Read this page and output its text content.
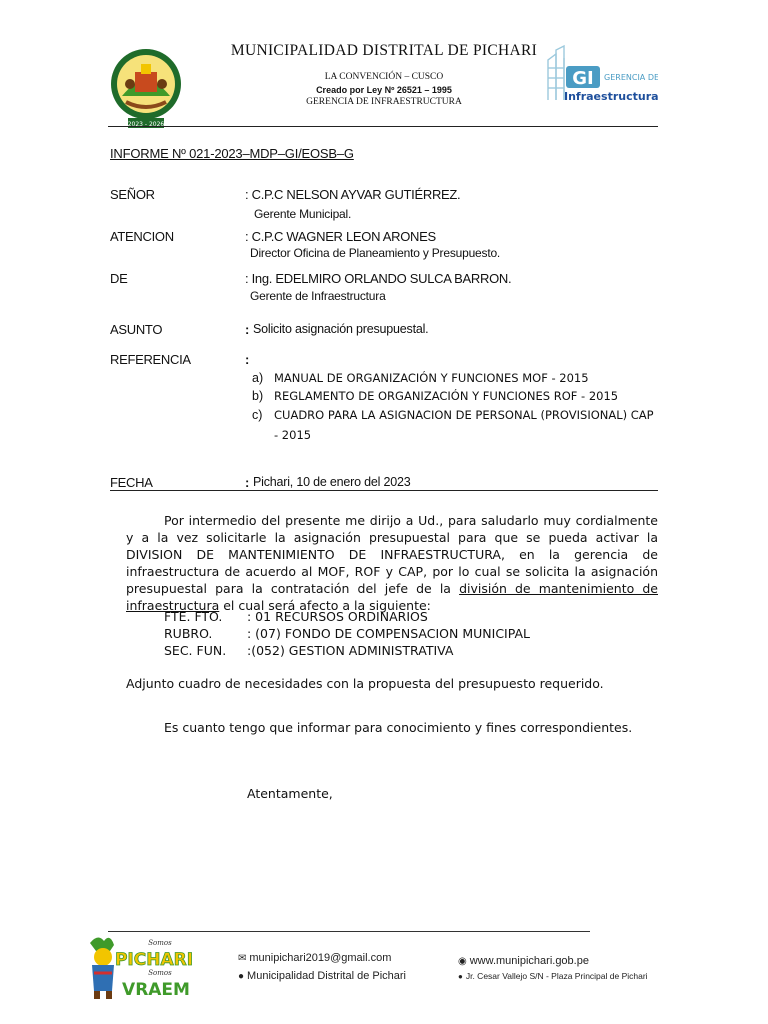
2023 - 2026
MUNICIPALIDAD DISTRITAL DE PICHARI
LA CONVENCIÓN – CUSCO
Creado por Ley Nº 26521 – 1995
GERENCIA DE INFRAESTRUCTURA
GI GERENCIA DE
Infraestructura
INFORME Nº 021-2023–MDP–GI/EOSB–G
SEÑOR	: C.P.C NELSON AYVAR GUTIÉRREZ.
Gerente Municipal.
ATENCION	: C.P.C WAGNER LEON ARONES
Director Oficina de Planeamiento y Presupuesto.
DE	: Ing. EDELMIRO ORLANDO SULCA BARRON.
Gerente de Infraestructura
ASUNTO	: Solicito asignación presupuestal.
REFERENCIA	:
a) MANUAL DE ORGANIZACIÓN Y FUNCIONES MOF - 2015
b) REGLAMENTO DE ORGANIZACIÓN Y FUNCIONES ROF - 2015
c) CUADRO PARA LA ASIGNACION DE PERSONAL (PROVISIONAL) CAP
- 2015
FECHA	: Pichari, 10 de enero del 2023
Por intermedio del presente me dirijo a Ud., para saludarlo muy cordialmente y a la vez solicitarle la asignación presupuestal para que se pueda activar la DIVISION DE MANTENIMIENTO DE INFRAESTRUCTURA, en la gerencia de infraestructura de acuerdo al MOF, ROF y CAP, por lo cual se solicita la asignación presupuestal para la contratación del jefe de la división de mantenimiento de infraestructura el cual será afecto a la siguiente:
FTE. FTO. : 01 RECURSOS ORDINARIOS
RUBRO.	: (07) FONDO DE COMPENSACION MUNICIPAL
SEC. FUN. :(052) GESTION ADMINISTRATIVA
Adjunto cuadro de necesidades con la propuesta del presupuesto requerido.
Es cuanto tengo que informar para conocimiento y fines correspondientes.
Atentamente,
Somos
PICHARI
Somos
VRAEM
✉ munipichari2019@gmail.com
● Municipalidad Distrital de Pichari
◉ www.munipichari.gob.pe
● Jr. Cesar Vallejo S/N - Plaza Principal de Pichari
